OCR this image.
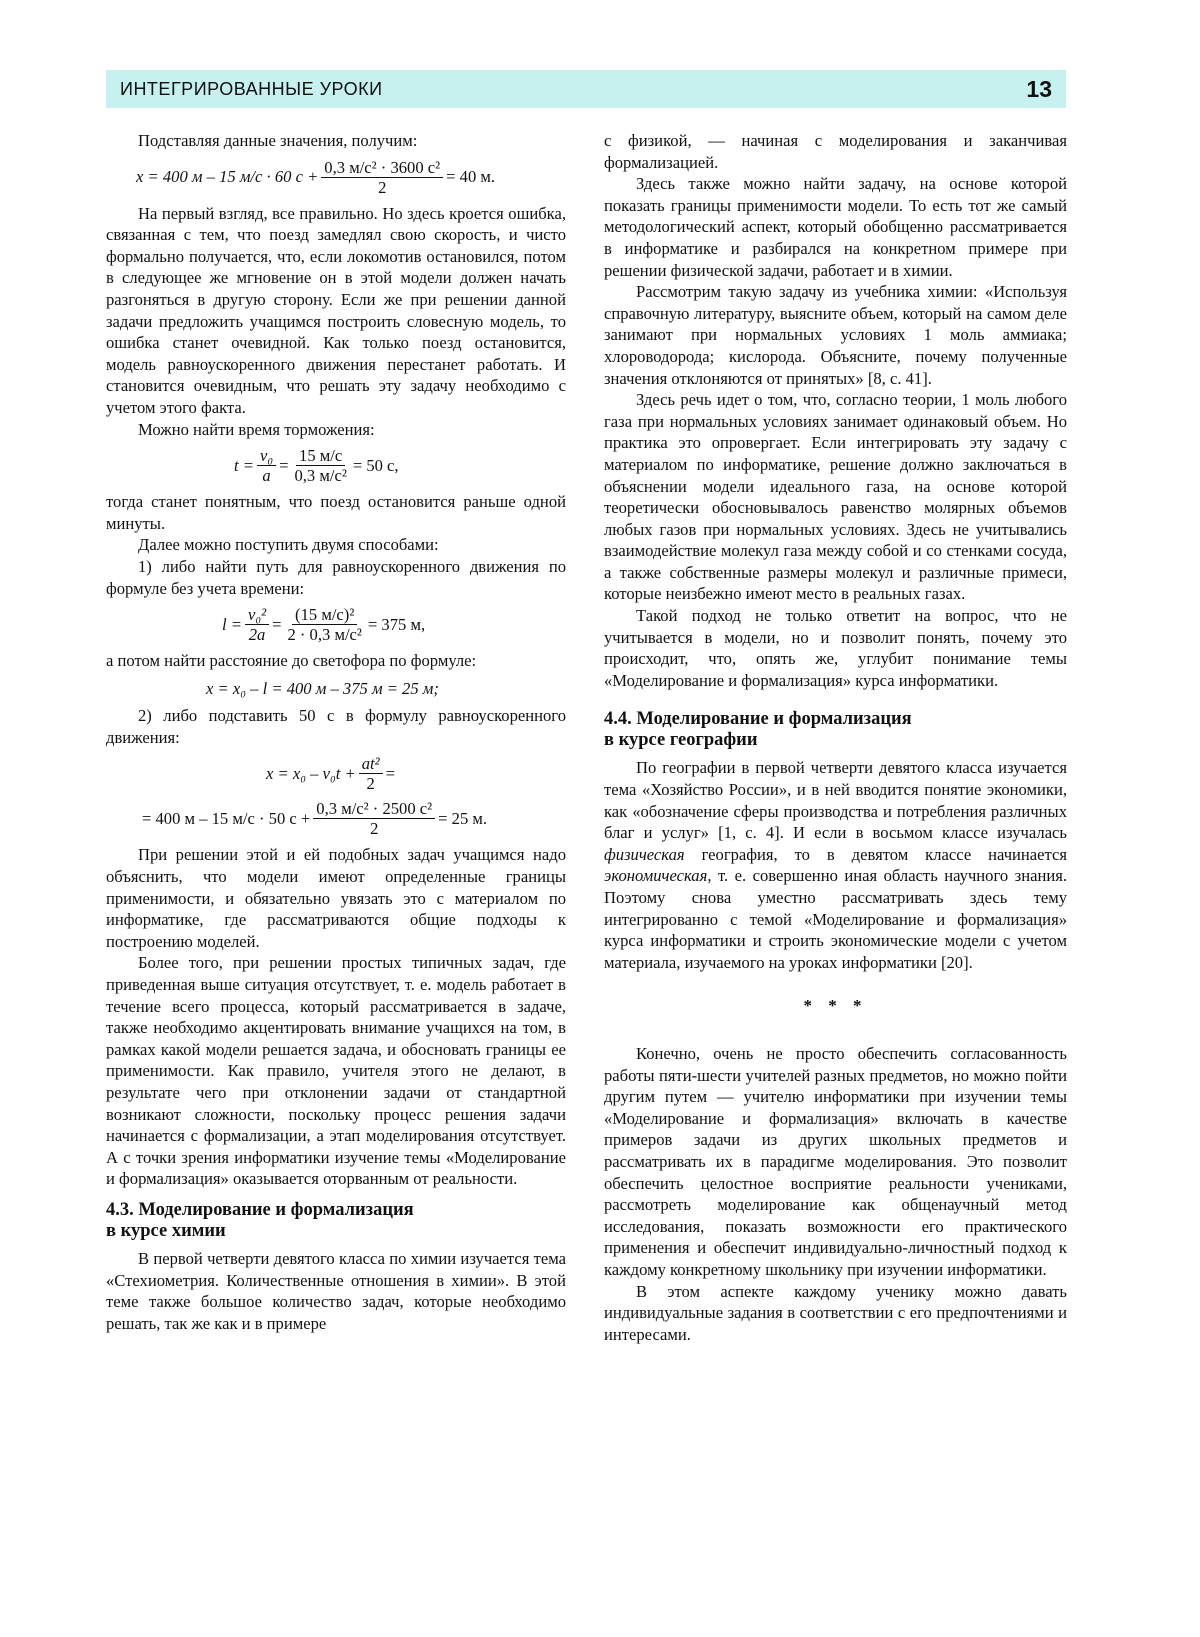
ИНТЕГРИРОВАННЫЕ УРОКИ	13

Подставляя данные значения, получим:

x = 400 м – 15 м/с · 60 $с + \frac{\text{0,3 м/с² · 3600 с²}}{2} = 40$ м.

На первый взгляд, все правильно. Но здесь кроется ошибка, связанная с тем, что поезд замедлял свою скорость, и чисто формально получается, что, если локомотив остановился, потом в следующее же мгновение он в этой модели должен начать разгоняться в другую сторону. Если же при решении данной задачи предложить учащимся построить словесную модель, то ошибка станет очевидной. Как только поезд остановится, модель равноускоренного движения перестанет работать. И становится очевидным, что решать эту задачу необходимо с учетом этого факта.

Можно найти время торможения:

$t = \frac{\text{v₀}}{a} = \frac{15 м/с}{\text{0,3 м/с²}} = 50$ с,

тогда станет понятным, что поезд остановится раньше одной минуты.

Далее можно поступить двумя способами:

1) либо найти путь для равноускоренного движения по формуле без учета времени:

$l = \frac{\text{v₀²}}{2a} = \frac{\text{(15 м/с)²}}{\text{2 · 0,3 м/с²}} = 375$ м,

а потом найти расстояние до светофора по формуле:

x = x₀ – l = 400 м – 375 м = 25 м;

2) либо подставить 50 с в формулу равноускоренного движения:

$x = x_0 - v_0t + \frac{\text{at²}}{2}$ =
= 400 м – 15 м/с · 50 $с + \frac{\text{0,3 м/с² · 2500 с²}}{2} = 25$ м.

При решении этой и ей подобных задач учащимся надо объяснить, что модели имеют определенные границы применимости, и обязательно увязать это с материалом по информатике, где рассматриваются общие подходы к построению моделей.

Более того, при решении простых типичных задач, где приведенная выше ситуация отсутствует, т. е. модель работает в течение всего процесса, который рассматривается в задаче, также необходимо акцентировать внимание учащихся на том, в рамках какой модели решается задача, и обосновать границы ее применимости. Как правило, учителя этого не делают, в результате чего при отклонении задачи от стандартной возникают сложности, поскольку процесс решения задачи начинается с формализации, а этап моделирования отсутствует. А с точки зрения информатики изучение темы «Моделирование и формализация» оказывается оторванным от реальности.

4.3. Моделирование и формализация
в курсе химии

В первой четверти девятого класса по химии изучается тема «Стехиометрия. Количественные отношения в химии». В этой теме также большое количество задач, которые необходимо решать, так же как и в примере

с физикой, — начиная с моделирования и заканчивая формализацией.

Здесь также можно найти задачу, на основе которой показать границы применимости модели. То есть тот же самый методологический аспект, который обобщенно рассматривается в информатике и разбирался на конкретном примере при решении физической задачи, работает и в химии.

Рассмотрим такую задачу из учебника химии: «Используя справочную литературу, выясните объем, который на самом деле занимают при нормальных условиях 1 моль аммиака; хлороводорода; кислорода. Объясните, почему полученные значения отклоняются от принятых» [8, с. 41].

Здесь речь идет о том, что, согласно теории, 1 моль любого газа при нормальных условиях занимает одинаковый объем. Но практика это опровергает. Если интегрировать эту задачу с материалом по информатике, решение должно заключаться в объяснении модели идеального газа, на основе которой теоретически обосновывалось равенство молярных объемов любых газов при нормальных условиях. Здесь не учитывались взаимодействие молекул газа между собой и со стенками сосуда, а также собственные размеры молекул и различные примеси, которые неизбежно имеют место в реальных газах.

Такой подход не только ответит на вопрос, что не учитывается в модели, но и позволит понять, почему это происходит, что, опять же, углубит понимание темы «Моделирование и формализация» курса информатики.

4.4. Моделирование и формализация
в курсе географии

По географии в первой четверти девятого класса изучается тема «Хозяйство России», и в ней вводится понятие экономики, как «обозначение сферы производства и потребления различных благ и услуг» [1, с. 4]. И если в восьмом классе изучалась физическая география, то в девятом классе начинается экономическая, т. е. совершенно иная область научного знания. Поэтому снова уместно рассматривать здесь тему интегрированно с темой «Моделирование и формализация» курса информатики и строить экономические модели с учетом материала, изучаемого на уроках информатики [20].

* * *

Конечно, очень не просто обеспечить согласованность работы пяти-шести учителей разных предметов, но можно пойти другим путем — учителю информатики при изучении темы «Моделирование и формализация» включать в качестве примеров задачи из других школьных предметов и рассматривать их в парадигме моделирования. Это позволит обеспечить целостное восприятие реальности учениками, рассмотреть моделирование как общенаучный метод исследования, показать возможности его практического применения и обеспечит индивидуально-личностный подход к каждому конкретному школьнику при изучении информатики.

В этом аспекте каждому ученику можно давать индивидуальные задания в соответствии с его предпочтениями и интересами.
